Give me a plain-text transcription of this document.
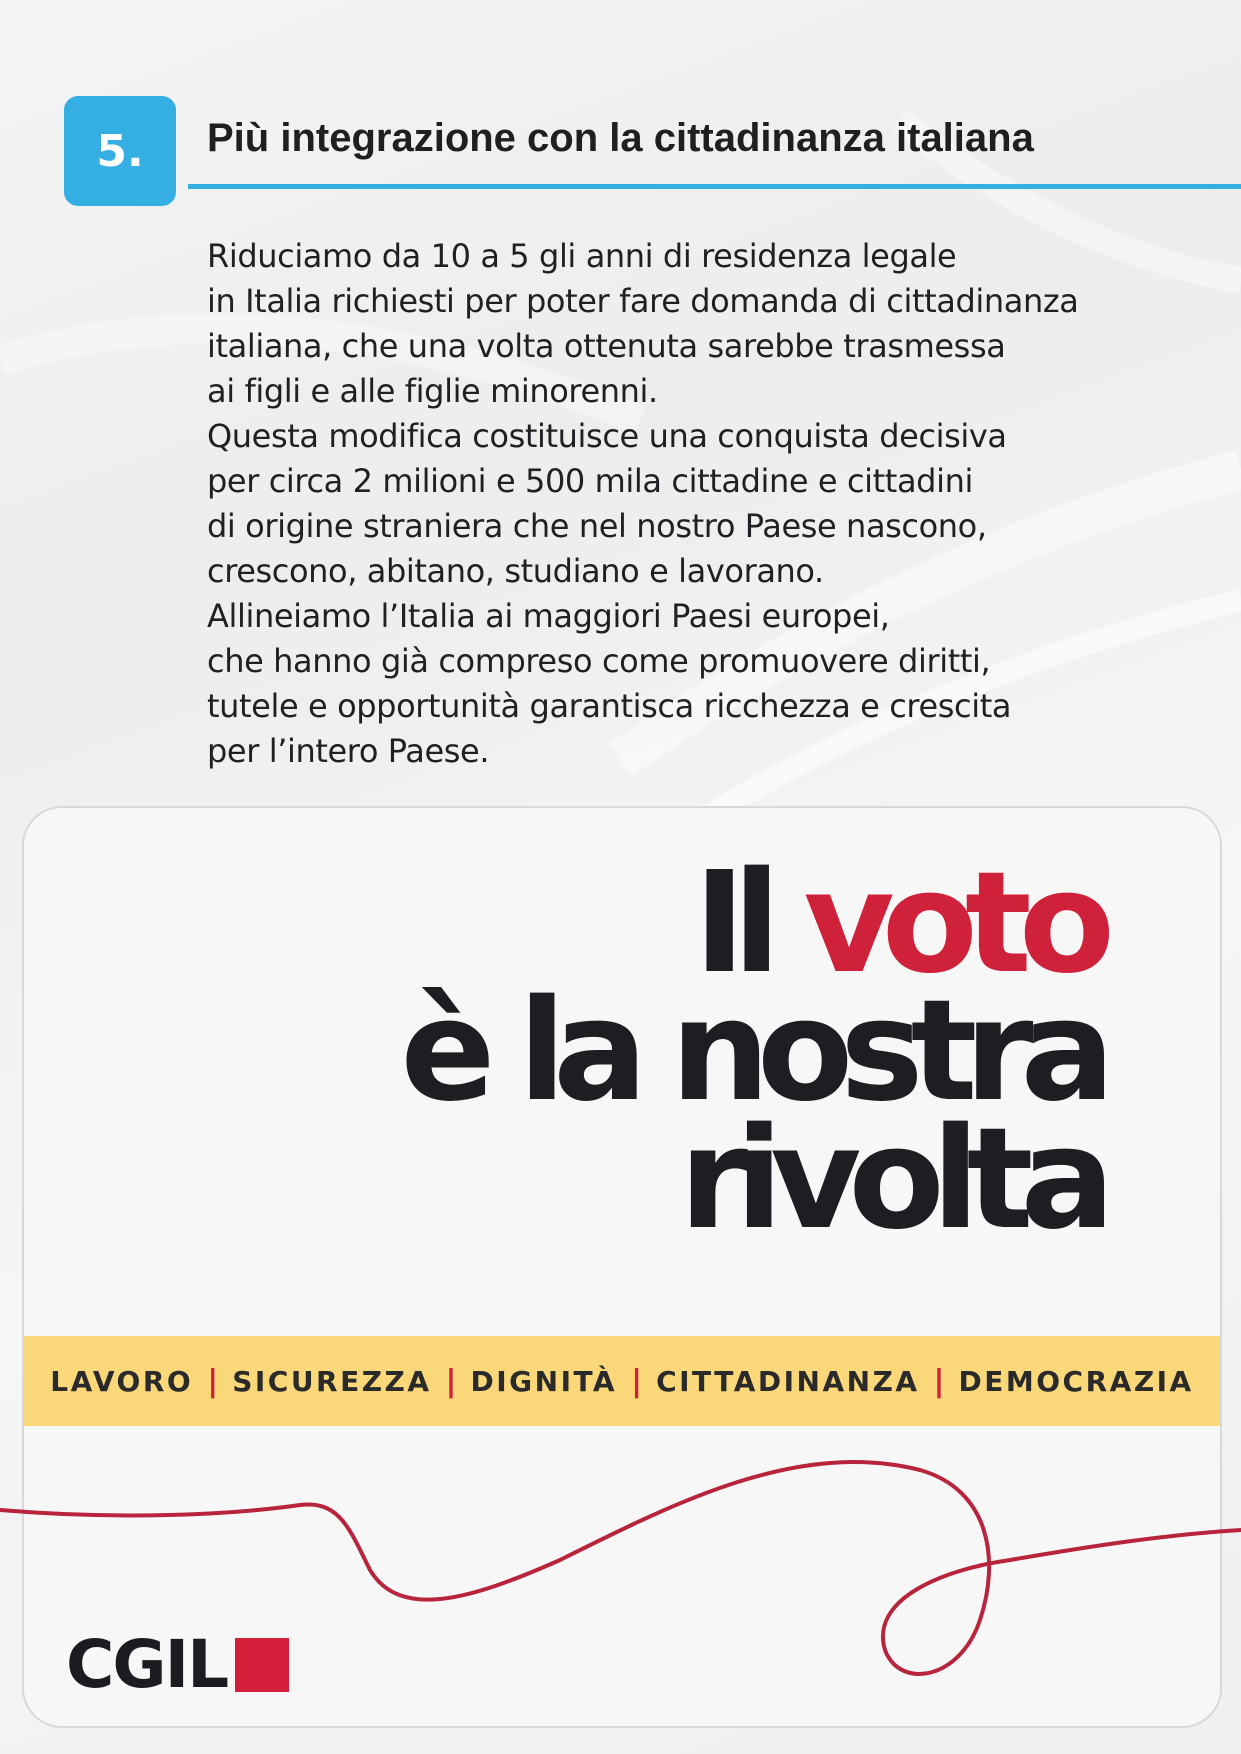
5. Più integrazione con la cittadinanza italiana
Riduciamo da 10 a 5 gli anni di residenza legale
in Italia richiesti per poter fare domanda di cittadinanza
italiana, che una volta ottenuta sarebbe trasmessa
ai figli e alle figlie minorenni.
Questa modifica costituisce una conquista decisiva
per circa 2 milioni e 500 mila cittadine e cittadini
di origine straniera che nel nostro Paese nascono,
crescono, abitano, studiano e lavorano.
Allineiamo l’Italia ai maggiori Paesi europei,
che hanno già compreso come promuovere diritti,
tutele e opportunità garantisca ricchezza e crescita
per l’intero Paese.
Il voto
è la nostra
rivolta
LAVORO | SICUREZZA | DIGNITÀ | CITTADINANZA | DEMOCRAZIA
CGIL
